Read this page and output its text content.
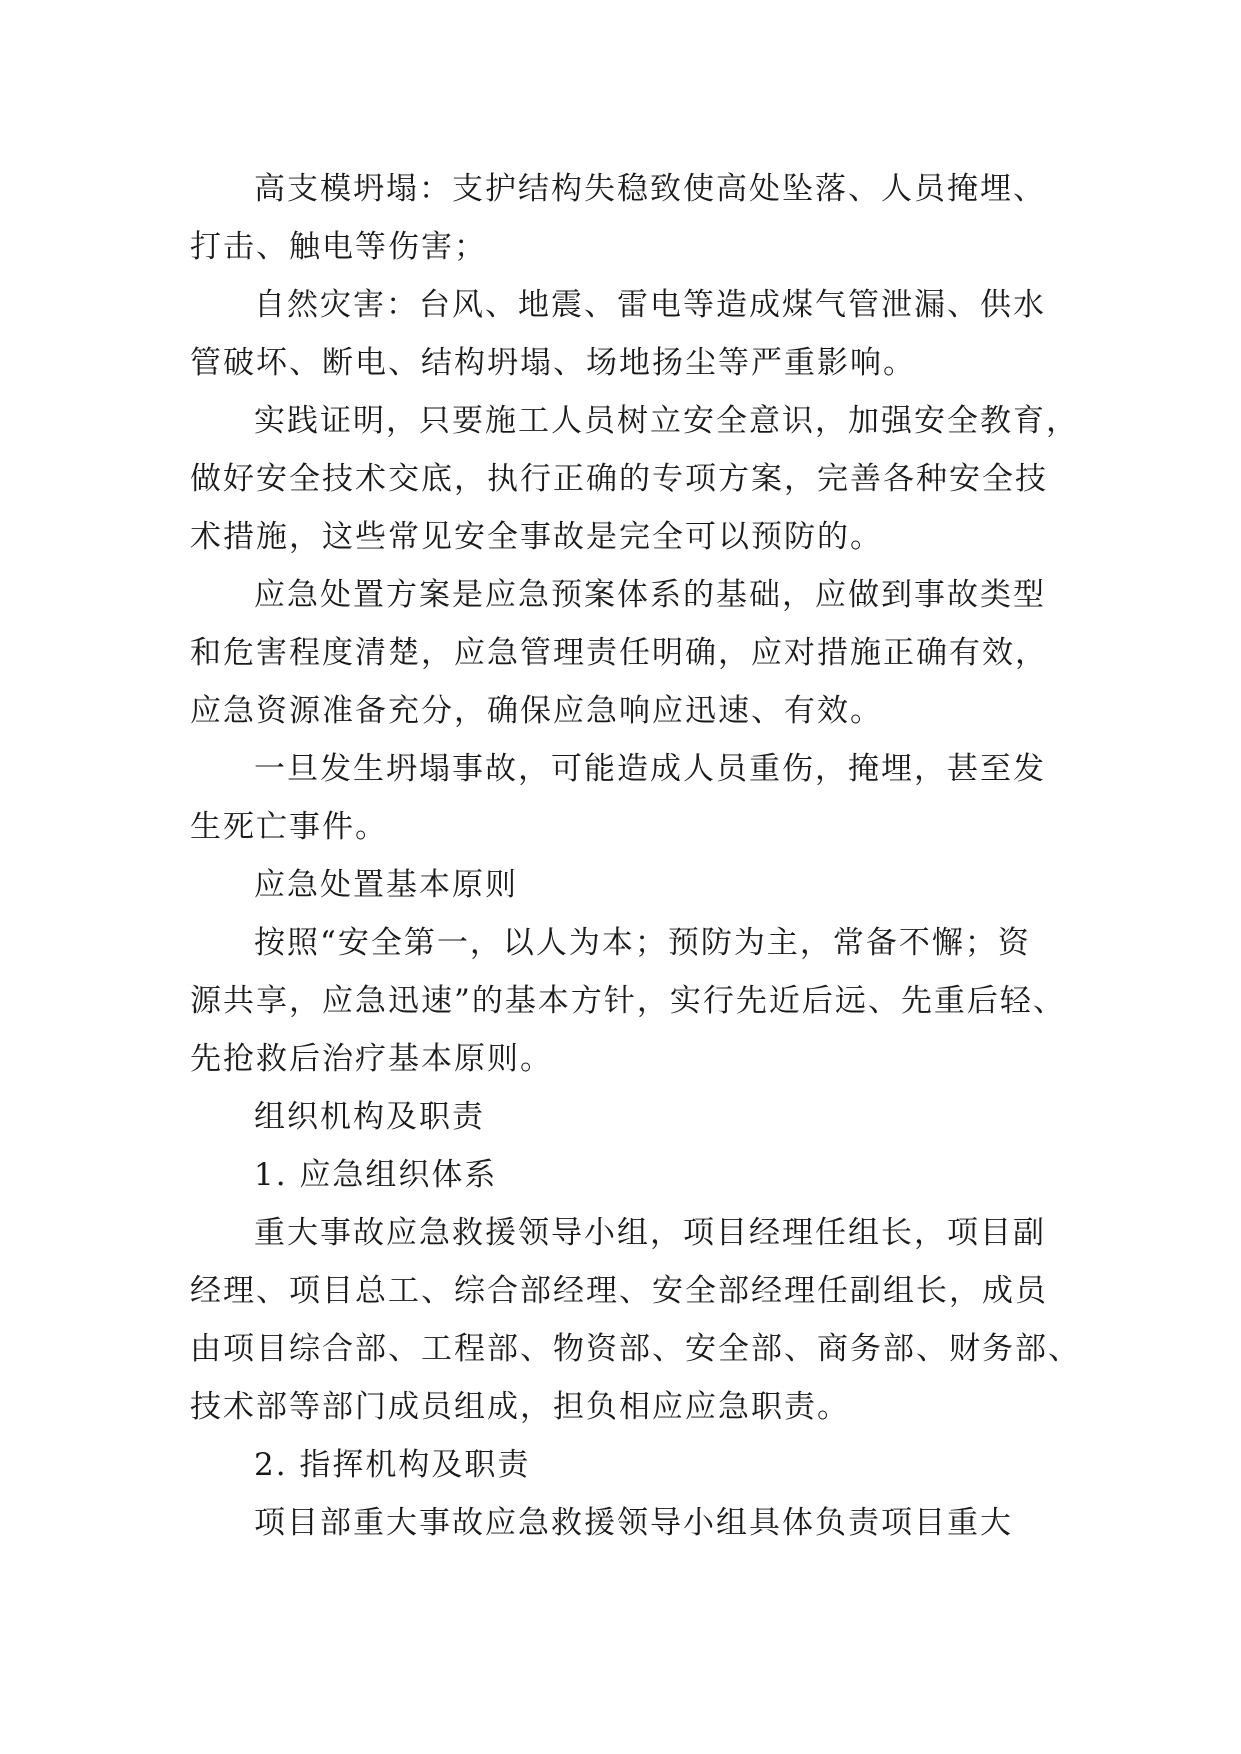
高支模坍塌：支护结构失稳致使高处坠落、人员掩埋、
打击、触电等伤害；
自然灾害：台风、地震、雷电等造成煤气管泄漏、供水
管破坏、断电、结构坍塌、场地扬尘等严重影响。
实践证明，只要施工人员树立安全意识，加强安全教育，
做好安全技术交底，执行正确的专项方案，完善各种安全技
术措施，这些常见安全事故是完全可以预防的。
应急处置方案是应急预案体系的基础，应做到事故类型
和危害程度清楚，应急管理责任明确，应对措施正确有效，
应急资源准备充分，确保应急响应迅速、有效。
一旦发生坍塌事故，可能造成人员重伤，掩埋，甚至发
生死亡事件。
应急处置基本原则
按照“安全第一，以人为本；预防为主，常备不懈；资
源共享，应急迅速”的基本方针，实行先近后远、先重后轻、
先抢救后治疗基本原则。
组织机构及职责
1. 应急组织体系
重大事故应急救援领导小组，项目经理任组长，项目副
经理、项目总工、综合部经理、安全部经理任副组长，成员
由项目综合部、工程部、物资部、安全部、商务部、财务部、
技术部等部门成员组成，担负相应应急职责。
2. 指挥机构及职责
项目部重大事故应急救援领导小组具体负责项目重大
